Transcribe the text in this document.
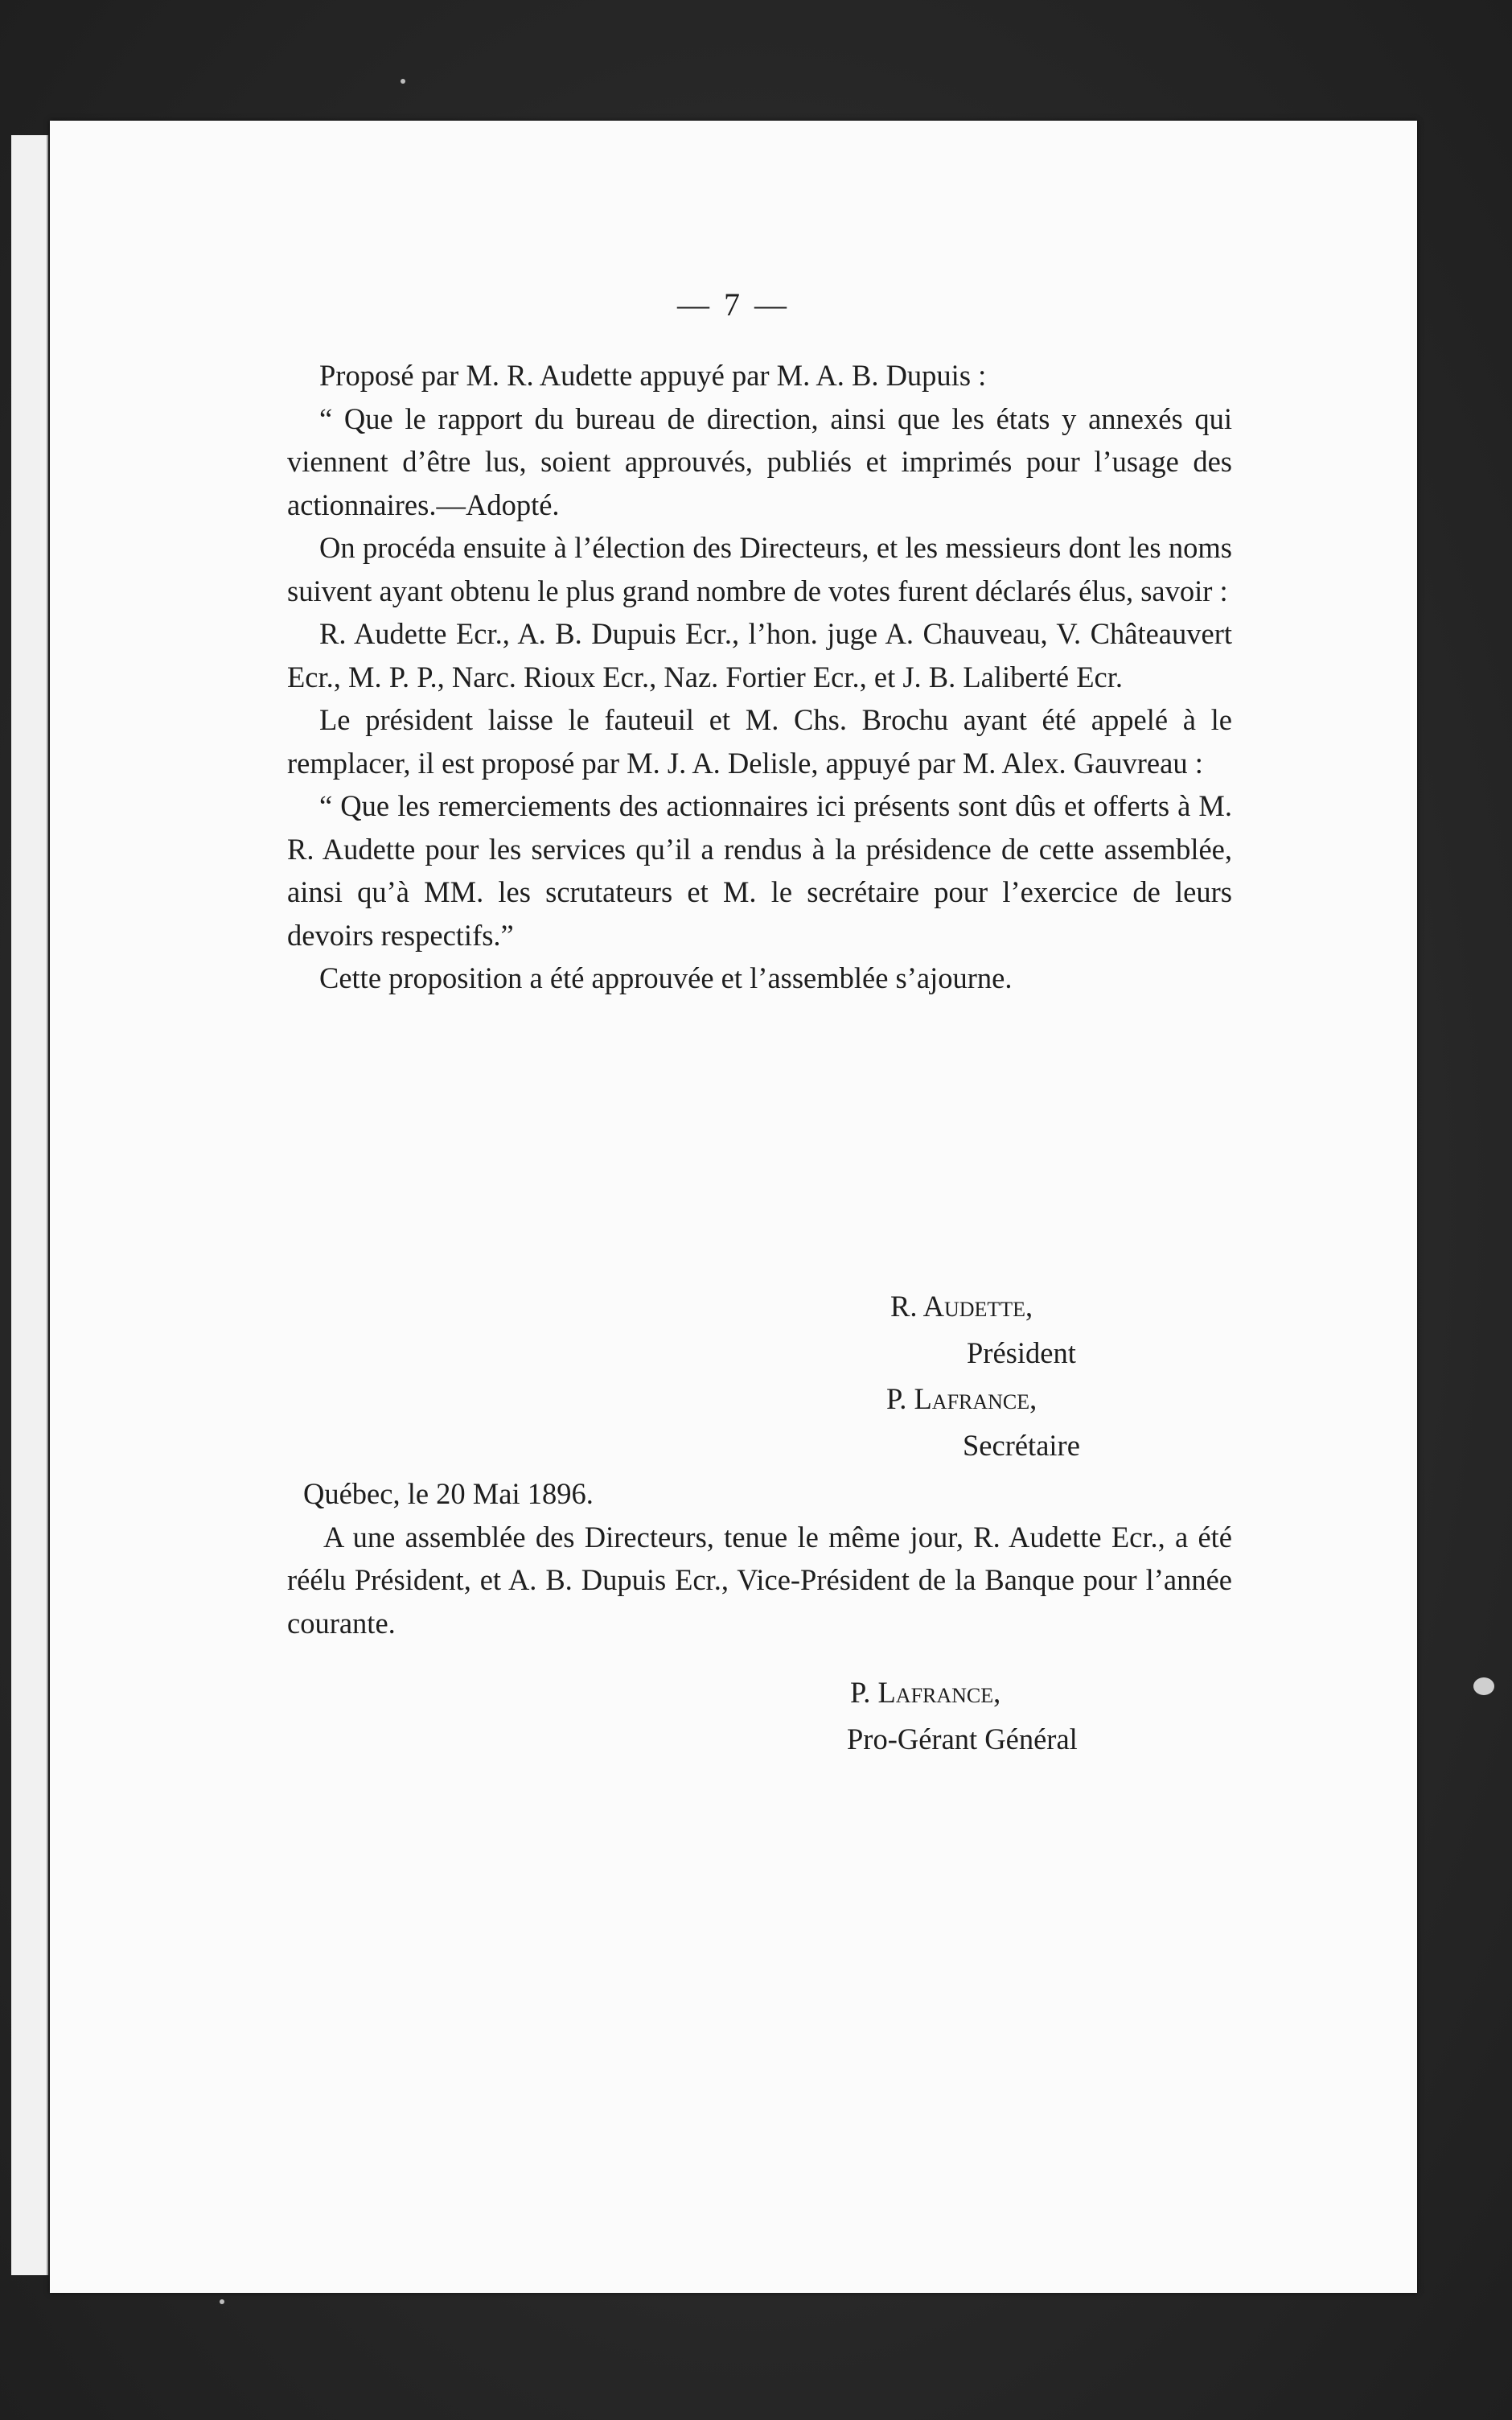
— 7 —

Proposé par M. R. Audette appuyé par M. A. B. Dupuis :

“ Que le rapport du bureau de direction, ainsi que les états y annexés qui viennent d’être lus, soient approuvés, publiés et imprimés pour l’usage des actionnaires.—Adopté.

On procéda ensuite à l’élection des Directeurs, et les messieurs dont les noms suivent ayant obtenu le plus grand nombre de votes furent déclarés élus, savoir :

R. Audette Ecr., A. B. Dupuis Ecr., l’hon. juge A. Chauveau, V. Châteauvert Ecr., M. P. P., Narc. Rioux Ecr., Naz. Fortier Ecr., et J. B. Laliberté Ecr.

Le président laisse le fauteuil et M. Chs. Brochu ayant été appelé à le remplacer, il est proposé par M. J. A. Delisle, appuyé par M. Alex. Gauvreau :

“ Que les remerciements des actionnaires ici présents sont dûs et offerts à M. R. Audette pour les services qu’il a rendus à la présidence de cette assemblée, ainsi qu’à MM. les scrutateurs et M. le secrétaire pour l’exercice de leurs devoirs respectifs.”

Cette proposition a été approuvée et l’assemblée s’ajourne.

R. Audette,
Président
P. Lafrance,
Secrétaire

Québec, le 20 Mai 1896.

A une assemblée des Directeurs, tenue le même jour, R. Audette Ecr., a été réélu Président, et A. B. Dupuis Ecr., Vice-Président de la Banque pour l’année courante.

P. Lafrance,
Pro-Gérant Général
